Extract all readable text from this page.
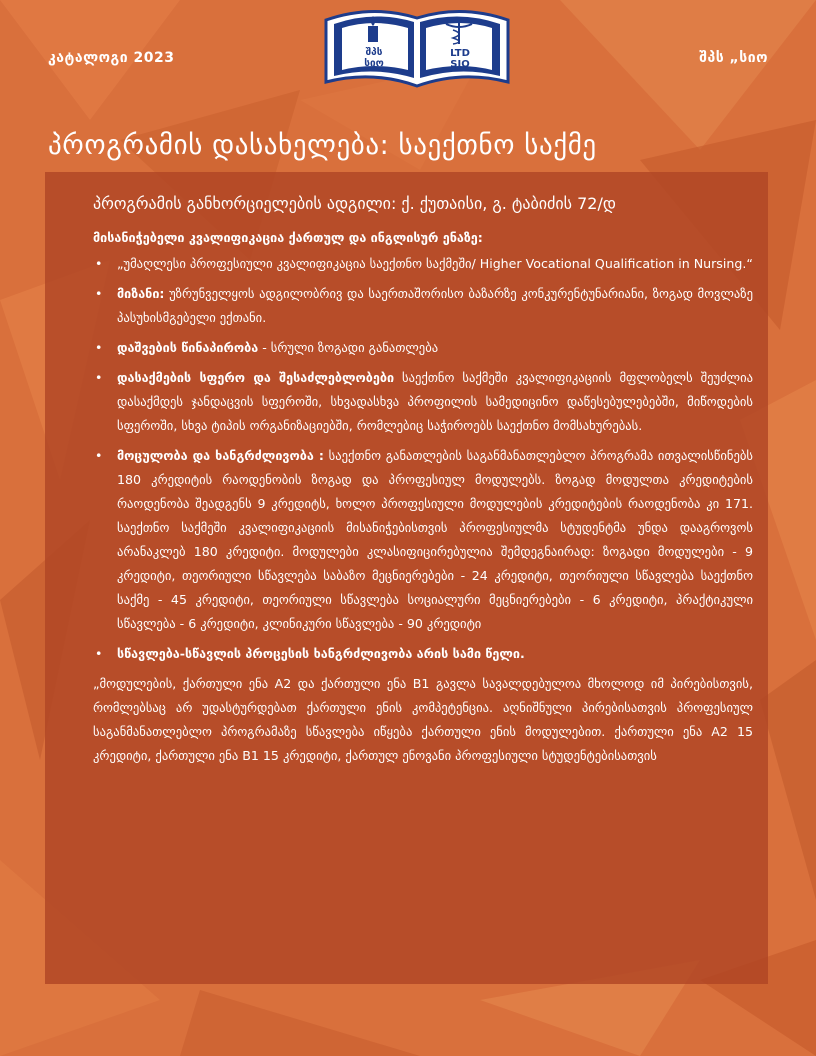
კატალოგი 2023	შპს
სიო
LTD
SIO	შპს „სიო
პროგრამის დასახელება: საექთნო საქმე

პროგრამის განხორციელების ადგილი: ქ. ქუთაისი, გ. ტაბიძის 72/დ

მისანიჭებელი კვალიფიკაცია ქართულ და ინგლისურ ენაზე:

• „უმაღლესი პროფესიული კვალიფიკაცია საექთნო საქმეში/ Higher Vocational Qualification in Nursing.“
• მიზანი: უზრუნველყოს ადგილობრივ და საერთაშორისო ბაზარზე კონკურენტუნარიანი, ზოგად მოვლაზე პასუხისმგებელი ექთანი.
• დაშვების წინაპირობა - სრული ზოგადი განათლება
• დასაქმების სფერო და შესაძლებლობები საექთნო საქმეში კვალიფიკაციის მფლობელს შეუძლია დასაქმდეს ჯანდაცვის სფეროში, სხვადასხვა პროფილის სამედიცინო დაწესებულებებში, მიწოდების სფეროში, სხვა ტიპის ორგანიზაციებში, რომლებიც საჭიროებს საექთნო მომსახურებას.
• მოცულობა და ხანგრძლივობა : საექთნო განათლების საგანმანათლებლო პროგრამა ითვალისწინებს 180 კრედიტის რაოდენობის ზოგად და პროფესიულ მოდულებს. ზოგად მოდულთა კრედიტების რაოდენობა შეადგენს 9 კრედიტს, ხოლო პროფესიული მოდულების კრედიტების რაოდენობა კი 171. საექთნო საქმეში კვალიფიკაციის მისანიჭებისთვის პროფესიულმა სტუდენტმა უნდა დააგროვოს არანაკლებ 180 კრედიტი. მოდულები კლასიფიცირებულია შემდეგნაირად: ზოგადი მოდულები - 9 კრედიტი, თეორიული სწავლება საბაზო მეცნიერებები - 24 კრედიტი, თეორიული სწავლება საექთნო საქმე - 45 კრედიტი, თეორიული სწავლება სოციალური მეცნიერებები - 6 კრედიტი, პრაქტიკული სწავლება - 6 კრედიტი, კლინიკური სწავლება - 90 კრედიტი
• სწავლება-სწავლის პროცესის ხანგრძლივობა არის სამი წელი.

„მოდულების, ქართული ენა A2 და ქართული ენა B1 გავლა სავალდებულოა მხოლოდ იმ პირებისთვის, რომლებსაც არ უდასტურდებათ ქართული ენის კომპეტენცია. აღნიშნული პირებისათვის პროფესიულ საგანმანათლებლო პროგრამაზე სწავლება იწყება ქართული ენის მოდულებით. ქართული ენა A2 15 კრედიტი, ქართული ენა B1 15 კრედიტი, ქართულ ენოვანი პროფესიული სტუდენტებისათვის
